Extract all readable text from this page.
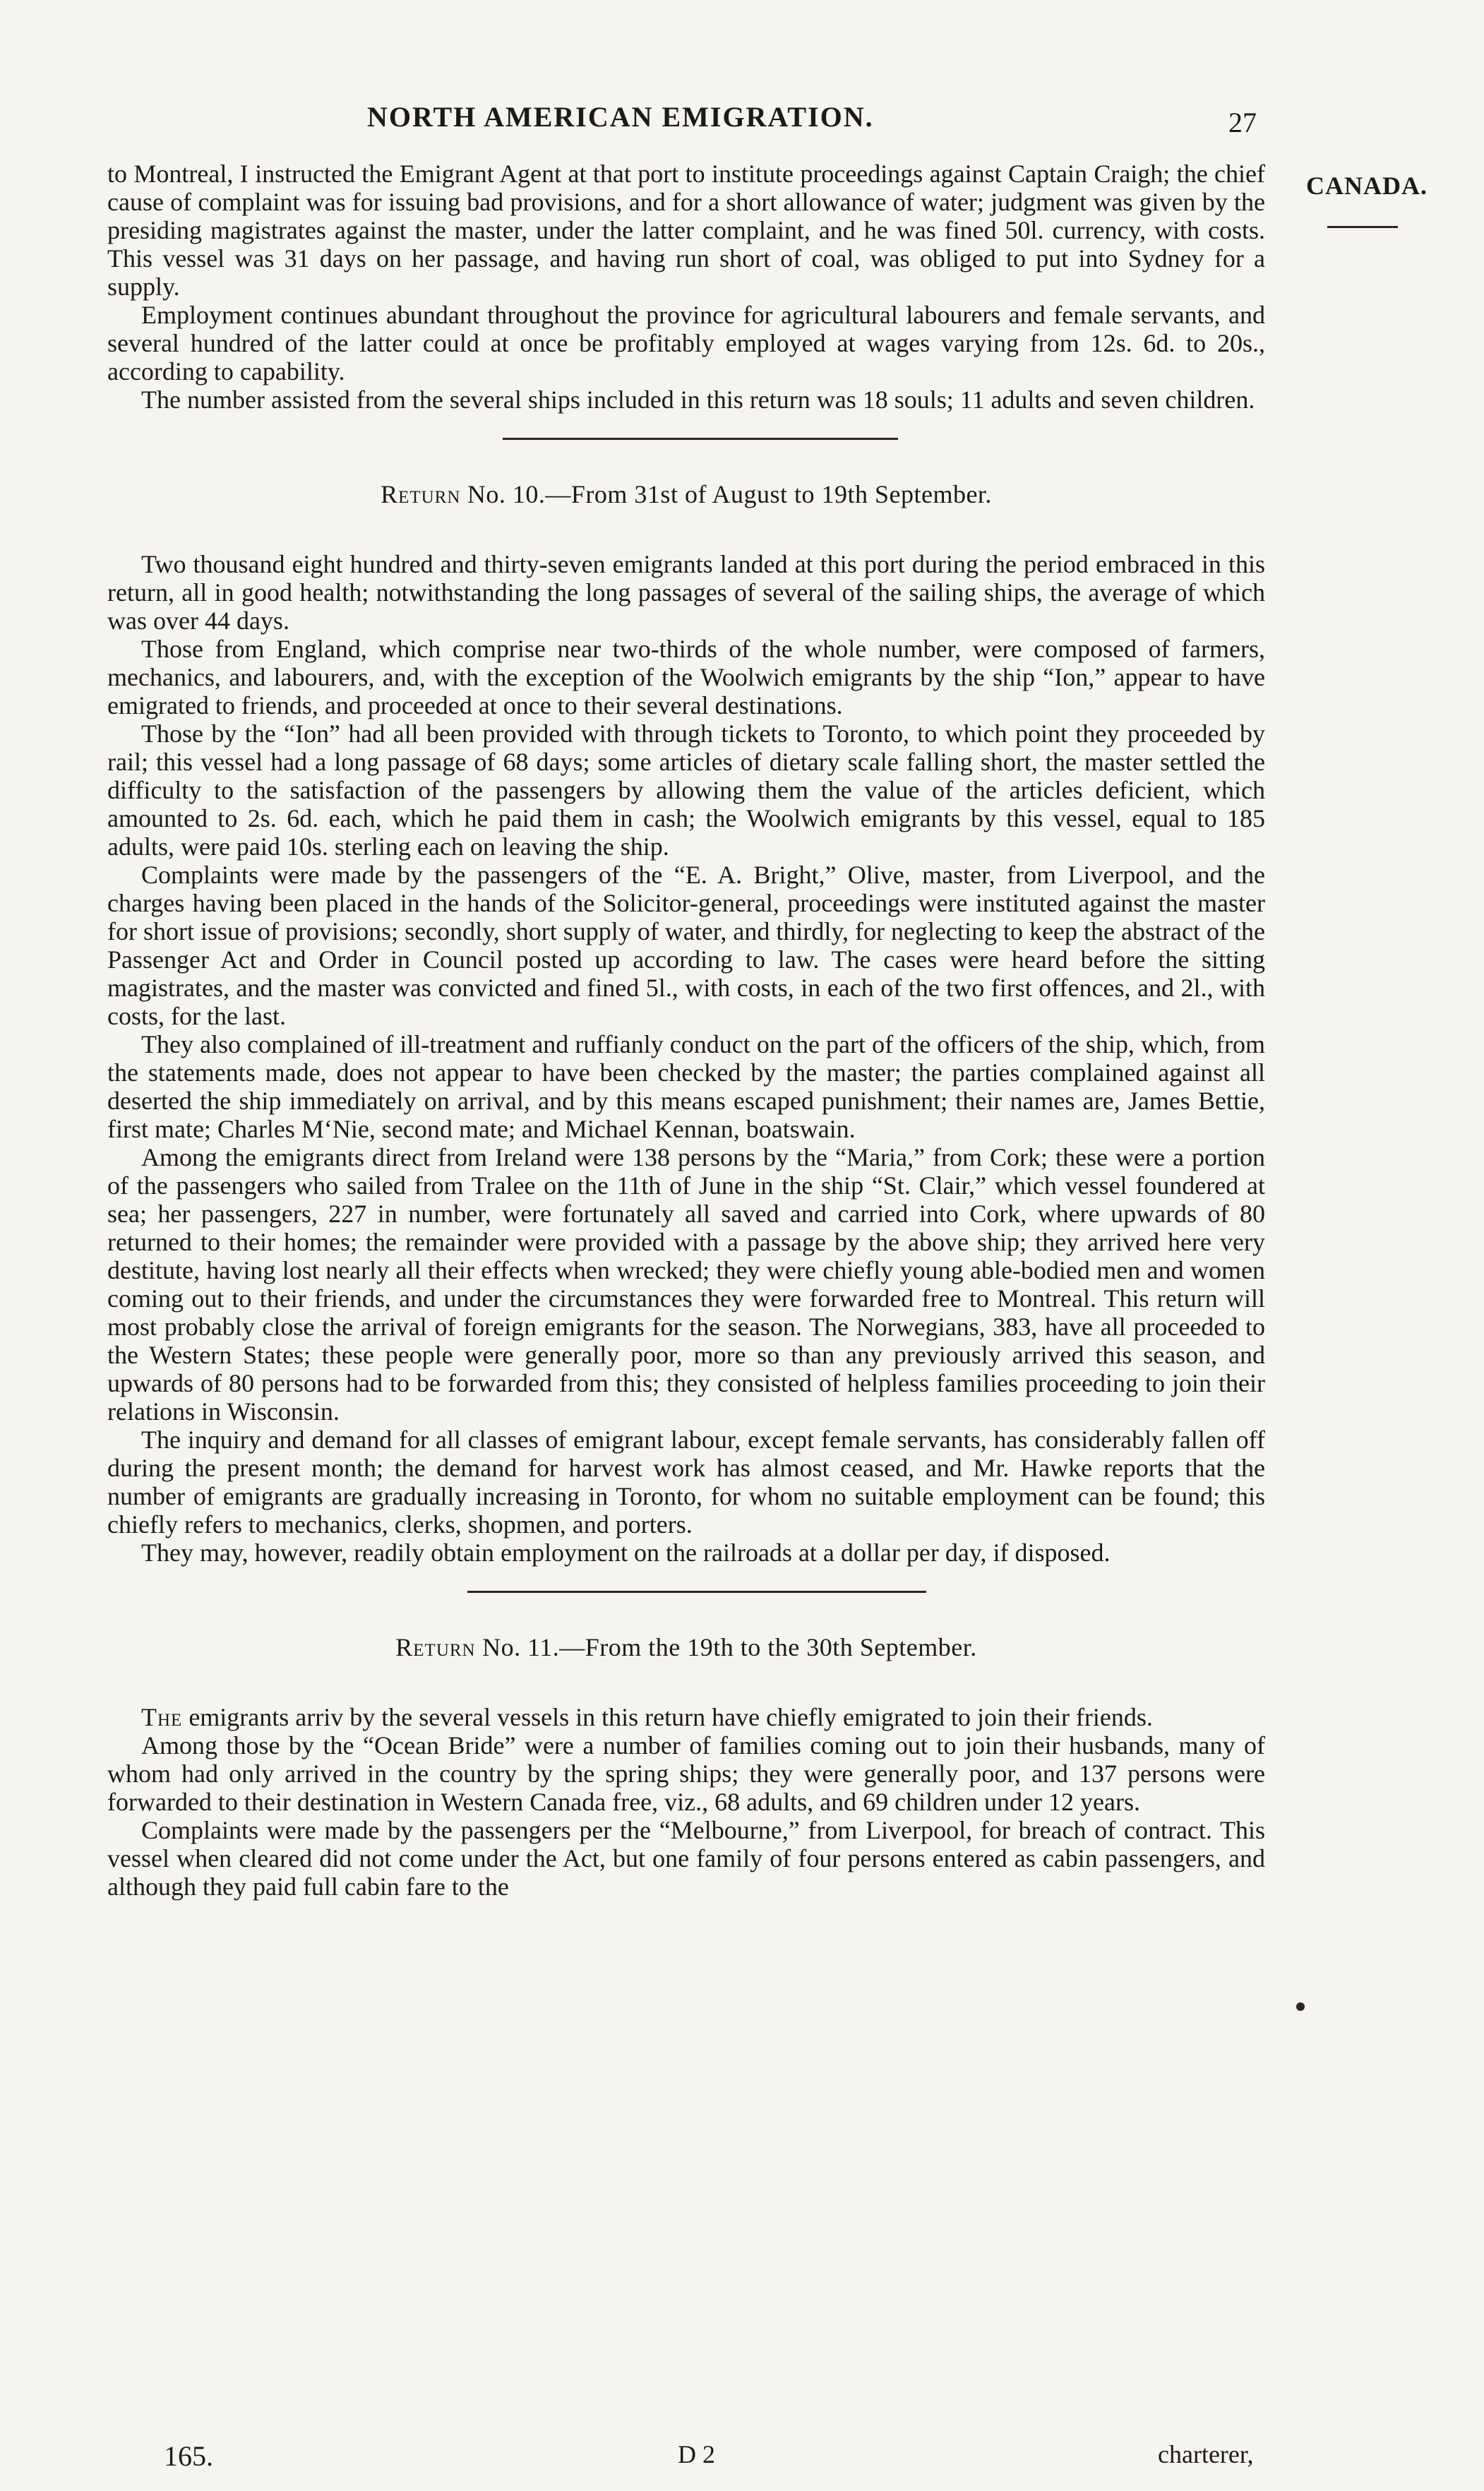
NORTH AMERICAN EMIGRATION.	27
CANADA.

to Montreal, I instructed the Emigrant Agent at that port to institute proceedings against Captain Craigh; the chief cause of complaint was for issuing bad provisions, and for a short allowance of water; judgment was given by the presiding magistrates against the master, under the latter complaint, and he was fined 50l. currency, with costs. This vessel was 31 days on her passage, and having run short of coal, was obliged to put into Sydney for a supply.

Employment continues abundant throughout the province for agricultural labourers and female servants, and several hundred of the latter could at once be profitably employed at wages varying from 12s. 6d. to 20s., according to capability.

The number assisted from the several ships included in this return was 18 souls; 11 adults and seven children.

Return No. 10.—From 31st of August to 19th September.

Two thousand eight hundred and thirty-seven emigrants landed at this port during the period embraced in this return, all in good health; notwithstanding the long passages of several of the sailing ships, the average of which was over 44 days.

Those from England, which comprise near two-thirds of the whole number, were composed of farmers, mechanics, and labourers, and, with the exception of the Woolwich emigrants by the ship “Ion,” appear to have emigrated to friends, and proceeded at once to their several destinations.

Those by the “Ion” had all been provided with through tickets to Toronto, to which point they proceeded by rail; this vessel had a long passage of 68 days; some articles of dietary scale falling short, the master settled the difficulty to the satisfaction of the passengers by allowing them the value of the articles deficient, which amounted to 2s. 6d. each, which he paid them in cash; the Woolwich emigrants by this vessel, equal to 185 adults, were paid 10s. sterling each on leaving the ship.

Complaints were made by the passengers of the “E. A. Bright,” Olive, master, from Liverpool, and the charges having been placed in the hands of the Solicitor-general, proceedings were instituted against the master for short issue of provisions; secondly, short supply of water, and thirdly, for neglecting to keep the abstract of the Passenger Act and Order in Council posted up according to law. The cases were heard before the sitting magistrates, and the master was convicted and fined 5l., with costs, in each of the two first offences, and 2l., with costs, for the last.

They also complained of ill-treatment and ruffianly conduct on the part of the officers of the ship, which, from the statements made, does not appear to have been checked by the master; the parties complained against all deserted the ship immediately on arrival, and by this means escaped punishment; their names are, James Bettie, first mate; Charles M‘Nie, second mate; and Michael Kennan, boatswain.

Among the emigrants direct from Ireland were 138 persons by the “Maria,” from Cork; these were a portion of the passengers who sailed from Tralee on the 11th of June in the ship “St. Clair,” which vessel foundered at sea; her passengers, 227 in number, were fortunately all saved and carried into Cork, where upwards of 80 returned to their homes; the remainder were provided with a passage by the above ship; they arrived here very destitute, having lost nearly all their effects when wrecked; they were chiefly young able-bodied men and women coming out to their friends, and under the circumstances they were forwarded free to Montreal. This return will most probably close the arrival of foreign emigrants for the season. The Norwegians, 383, have all proceeded to the Western States; these people were generally poor, more so than any previously arrived this season, and upwards of 80 persons had to be forwarded from this; they consisted of helpless families proceeding to join their relations in Wisconsin.

The inquiry and demand for all classes of emigrant labour, except female servants, has considerably fallen off during the present month; the demand for harvest work has almost ceased, and Mr. Hawke reports that the number of emigrants are gradually increasing in Toronto, for whom no suitable employment can be found; this chiefly refers to mechanics, clerks, shopmen, and porters.

They may, however, readily obtain employment on the railroads at a dollar per day, if disposed.

Return No. 11.—From the 19th to the 30th September.

The emigrants arriv by the several vessels in this return have chiefly emigrated to join their friends.

Among those by the “Ocean Bride” were a number of families coming out to join their husbands, many of whom had only arrived in the country by the spring ships; they were generally poor, and 137 persons were forwarded to their destination in Western Canada free, viz., 68 adults, and 69 children under 12 years.

Complaints were made by the passengers per the “Melbourne,” from Liverpool, for breach of contract. This vessel when cleared did not come under the Act, but one family of four persons entered as cabin passengers, and although they paid full cabin fare to the

165.	D 2	charterer,
